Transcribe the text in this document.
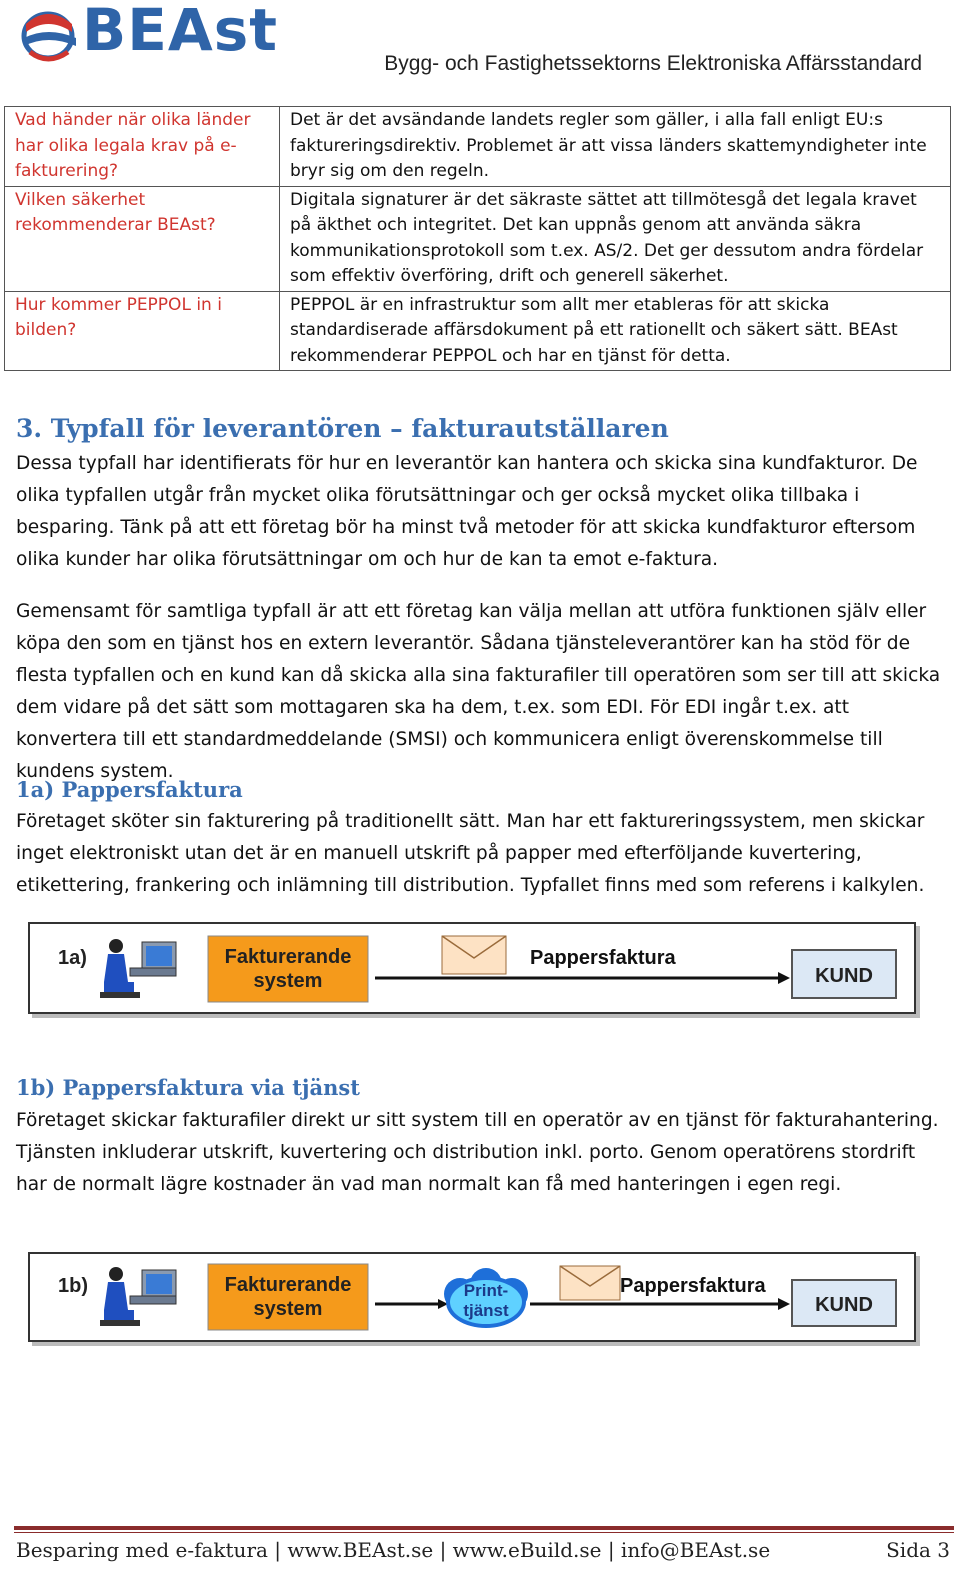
BEAst	Bygg- och Fastighetssektorns Elektroniska Affärsstandard
Vad händer när olika länder har olika legala krav på e-fakturering?	Det är det avsändande landets regler som gäller, i alla fall enligt EU:s faktureringsdirektiv. Problemet är att vissa länders skattemyndigheter inte bryr sig om den regeln.
Vilken säkerhet rekommenderar BEAst?	Digitala signaturer är det säkraste sättet att tillmötesgå det legala kravet på äkthet och integritet. Det kan uppnås genom att använda säkra kommunikationsprotokoll som t.ex. AS/2. Det ger dessutom andra fördelar som effektiv överföring, drift och generell säkerhet.
Hur kommer PEPPOL in i bilden?	PEPPOL är en infrastruktur som allt mer etableras för att skicka standardiserade affärsdokument på ett rationellt och säkert sätt. BEAst rekommenderar PEPPOL och har en tjänst för detta.
3. Typfall för leverantören – fakturautställaren
Dessa typfall har identifierats för hur en leverantör kan hantera och skicka sina kundfakturor. De olika typfallen utgår från mycket olika förutsättningar och ger också mycket olika tillbaka i besparing. Tänk på att ett företag bör ha minst två metoder för att skicka kundfakturor eftersom olika kunder har olika förutsättningar om och hur de kan ta emot e-faktura.
Gemensamt för samtliga typfall är att ett företag kan välja mellan att utföra funktionen själv eller köpa den som en tjänst hos en extern leverantör. Sådana tjänsteleverantörer kan ha stöd för de flesta typfallen och en kund kan då skicka alla sina fakturafiler till operatören som ser till att skicka dem vidare på det sätt som mottagaren ska ha dem, t.ex. som EDI. För EDI ingår t.ex. att konvertera till ett standardmeddelande (SMSI) och kommunicera enligt överenskommelse till kundens system.
1a) Pappersfaktura
Företaget sköter sin fakturering på traditionellt sätt. Man har ett faktureringssystem, men skickar inget elektroniskt utan det är en manuell utskrift på papper med efterföljande kuvertering, etikettering, frankering och inlämning till distribution. Typfallet finns med som referens i kalkylen.
1a)	Fakturerande
system
Pappersfaktura
KUND
1b) Pappersfaktura via tjänst
Företaget skickar fakturafiler direkt ur sitt system till en operatör av en tjänst för fakturahantering. Tjänsten inkluderar utskrift, kuvertering och distribution inkl. porto. Genom operatörens stordrift har de normalt lägre kostnader än vad man normalt kan få med hanteringen i egen regi.
1b)	Fakturerande
system
Print-
tjänst
Pappersfaktura
KUND
Besparing med e-faktura | www.BEAst.se | www.eBuild.se | info@BEAst.se	Sida 3
